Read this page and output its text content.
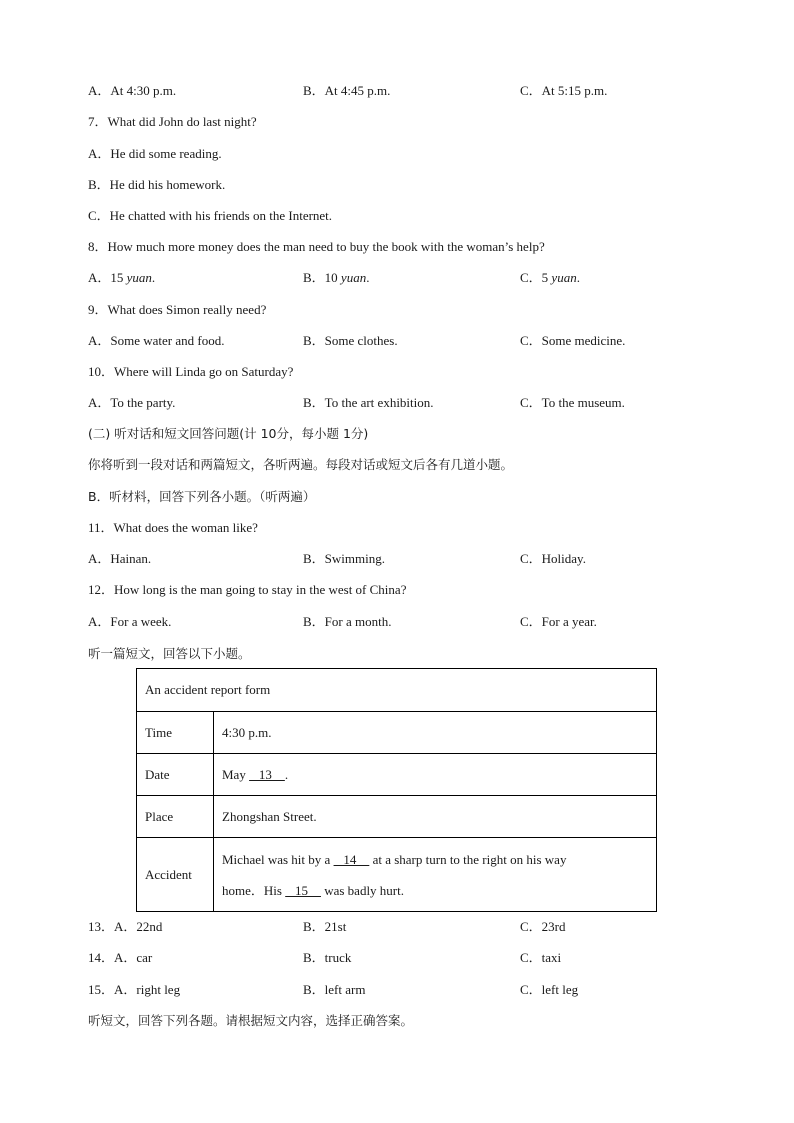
A．At 4:30 p.m.	B．At 4:45 p.m.	C．At 5:15 p.m.
7．What did John do last night?
A．He did some reading.
B．He did his homework.
C．He chatted with his friends on the Internet.
8．How much more money does the man need to buy the book with the woman’s help?
A．15 yuan.	B．10 yuan.	C．5 yuan.
9．What does Simon really need?
A．Some water and food.	B．Some clothes.	C．Some medicine.
10．Where will Linda go on Saturday?
A．To the party.	B．To the art exhibition.	C．To the museum.
(二) 听对话和短文回答问题(计 10分，每小题 1分)
你将听到一段对话和两篇短文，各听两遍。每段对话或短文后各有几道小题。
B．听材料，回答下列各小题。（听两遍）
11．What does the woman like?
A．Hainan.	B．Swimming.	C．Holiday.
12．How long is the man going to stay in the west of China?
A．For a week.	B．For a month.	C．For a year.
听一篇短文，回答以下小题。
An accident report form	
Time	4:30 p.m.
Date	May    13    .
Place	Zhongshan Street.
Accident	Michael was hit by a    14     at a sharp turn to the right on his way
home．His    15     was badly hurt.
13．A．22nd	B．21st	C．23rd
14．A．car	B．truck	C．taxi
15．A．right leg	B．left arm	C．left leg
听短文，回答下列各题。请根据短文内容，选择正确答案。
